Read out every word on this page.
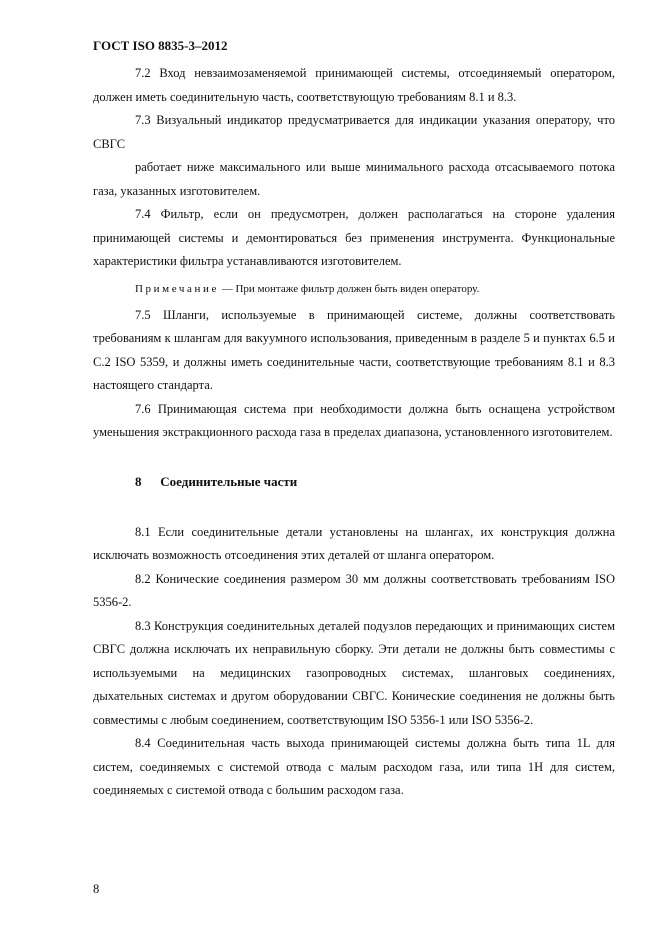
ГОСТ ISO 8835-3–2012

7.2 Вход невзаимозаменяемой принимающей системы, отсоединяемый оператором, должен иметь соединительную часть, соответствующую требованиям 8.1 и 8.3.

7.3 Визуальный индикатор предусматривается для индикации указания оператору, что СВГС

работает ниже максимального или выше минимального расхода отсасываемого потока газа, указанных изготовителем.

7.4 Фильтр, если он предусмотрен, должен располагаться на стороне удаления принимающей системы и демонтироваться без применения инструмента. Функциональные характеристики фильтра устанавливаются изготовителем.

Примечание — При монтаже фильтр должен быть виден оператору.

7.5 Шланги, используемые в принимающей системе, должны соответствовать требованиям к шлангам для вакуумного использования, приведенным в разделе 5 и пунктах 6.5 и С.2 ISO 5359, и должны иметь соединительные части, соответствующие требованиям 8.1 и 8.3 настоящего стандарта.

7.6 Принимающая система при необходимости должна быть оснащена устройством уменьшения экстракционного расхода газа в пределах диапазона, установленного изготовителем.

8 Соединительные части

8.1 Если соединительные детали установлены на шлангах, их конструкция должна исключать возможность отсоединения этих деталей от шланга оператором.

8.2 Конические соединения размером 30 мм должны соответствовать требованиям ISO 5356-2.

8.3 Конструкция соединительных деталей подузлов передающих и принимающих систем СВГС должна исключать их неправильную сборку. Эти детали не должны быть совместимы с используемыми на медицинских газопроводных системах, шланговых соединениях, дыхательных системах и другом оборудовании СВГС. Конические соединения не должны быть совместимы с любым соединением, соответствующим ISO 5356-1 или ISO 5356-2.

8.4 Соединительная часть выхода принимающей системы должна быть типа 1L для систем, соединяемых с системой отвода с малым расходом газа, или типа 1H для систем, соединяемых с системой отвода с большим расходом газа.

8
